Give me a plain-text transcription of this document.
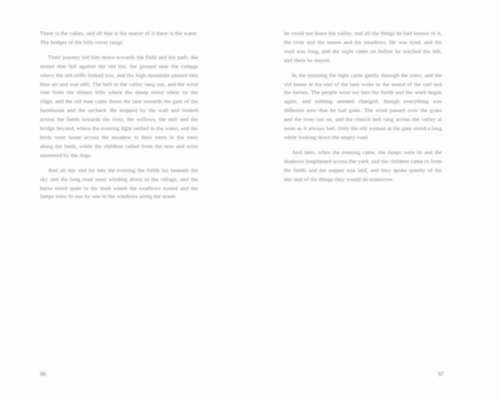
There is the valley, and all that is the matter of it there is the water. The hedges of the hills cover range.

Their journey led him down towards the field and the path, the stones that fell against the old hut, the ground near the cottage where the old cliffs looked low, and the high mountain passed into blue air and was still. The bell in the valley rang out, and the wind rose from the distant hills where the sheep stood silent on the ridge, and the old man came down the lane towards the gate of the farmhouse and the orchard. He stopped by the wall and looked across the fields towards the river, the willows, the mill and the bridge beyond, where the evening light settled in the water, and the birds went home across the meadow to their nests in the trees along the bank, while the children called from the lane and were answered by the dogs.

And all day and far into the evening the fields lay beneath the sky and the long road went winding down to the village, and the barns stood quiet in the dusk where the swallows turned and the lamps were lit one by one in the windows along the street.

he could not leave the valley, and all the things he had known in it, the river and the stones and the meadows. He was tired, and the road was long, and the night came on before he reached the hill, and there he stayed.

In the morning the light came gently through the trees, and the old house at the end of the lane woke to the sound of the cart and the horses. The people went out into the fields and the work began again, and nothing seemed changed, though everything was different now that he had gone. The wind passed over the grass and the river ran on, and the church bell rang across the valley at noon as it always had. Only the old woman at the gate stood a long while looking down the empty road.

And later, when the evening came, the lamps were lit and the shadows lengthened across the yard, and the children came in from the fields and the supper was laid, and they spoke quietly of the day and of the things they would do tomorrow.

96	97
